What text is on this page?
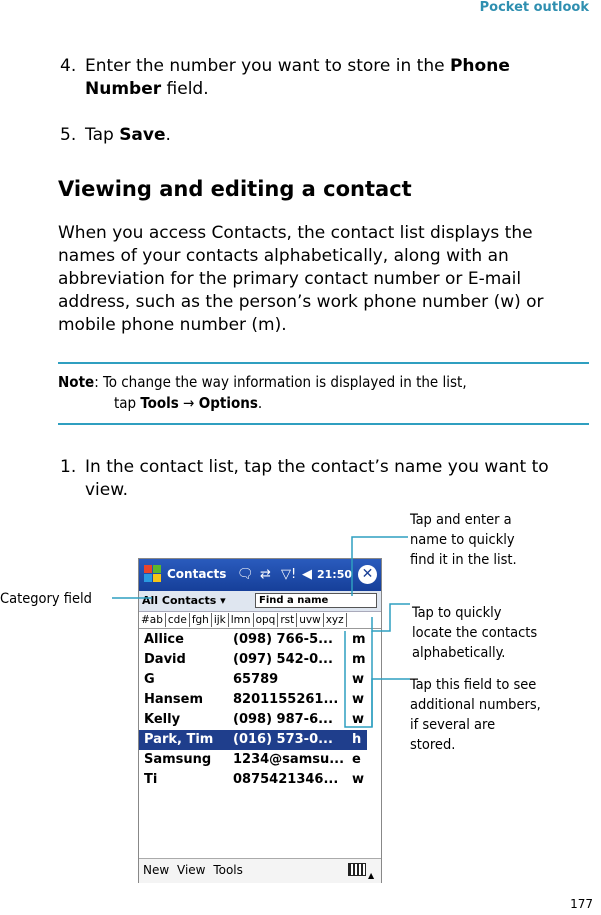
Pocket outlook
4. Enter the number you want to store in the Phone Number field.
5. Tap Save.
Viewing and editing a contact
When you access Contacts, the contact list displays the names of your contacts alphabetically, along with an abbreviation for the primary contact number or E-mail address, such as the person’s work phone number (w) or mobile phone number (m).
Note: To change the way information is displayed in the list,
tap Tools → Options.
1. In the contact list, tap the contact’s name you want to view.
Contacts 🗨 ⇄ ▽! ◀ 21:50 ✕
All Contacts ▾	Find a name
#ab cde fgh ijk lmn opq rst uvw xyz
Allice	(098) 766-5... m
David	(097) 542-0... m
G	65789	w
Hansem 8201155261... w
Kelly	(098) 987-6... w
Park, Tim (016) 573-0... h
Samsung 1234@samsu... e
Ti	0875421346... w
New View Tools	▲
Category field
Tap and enter a
name to quickly
find it in the list.
Tap to quickly
locate the contacts
alphabetically.
Tap this field to see
additional numbers,
if several are
stored.
177
